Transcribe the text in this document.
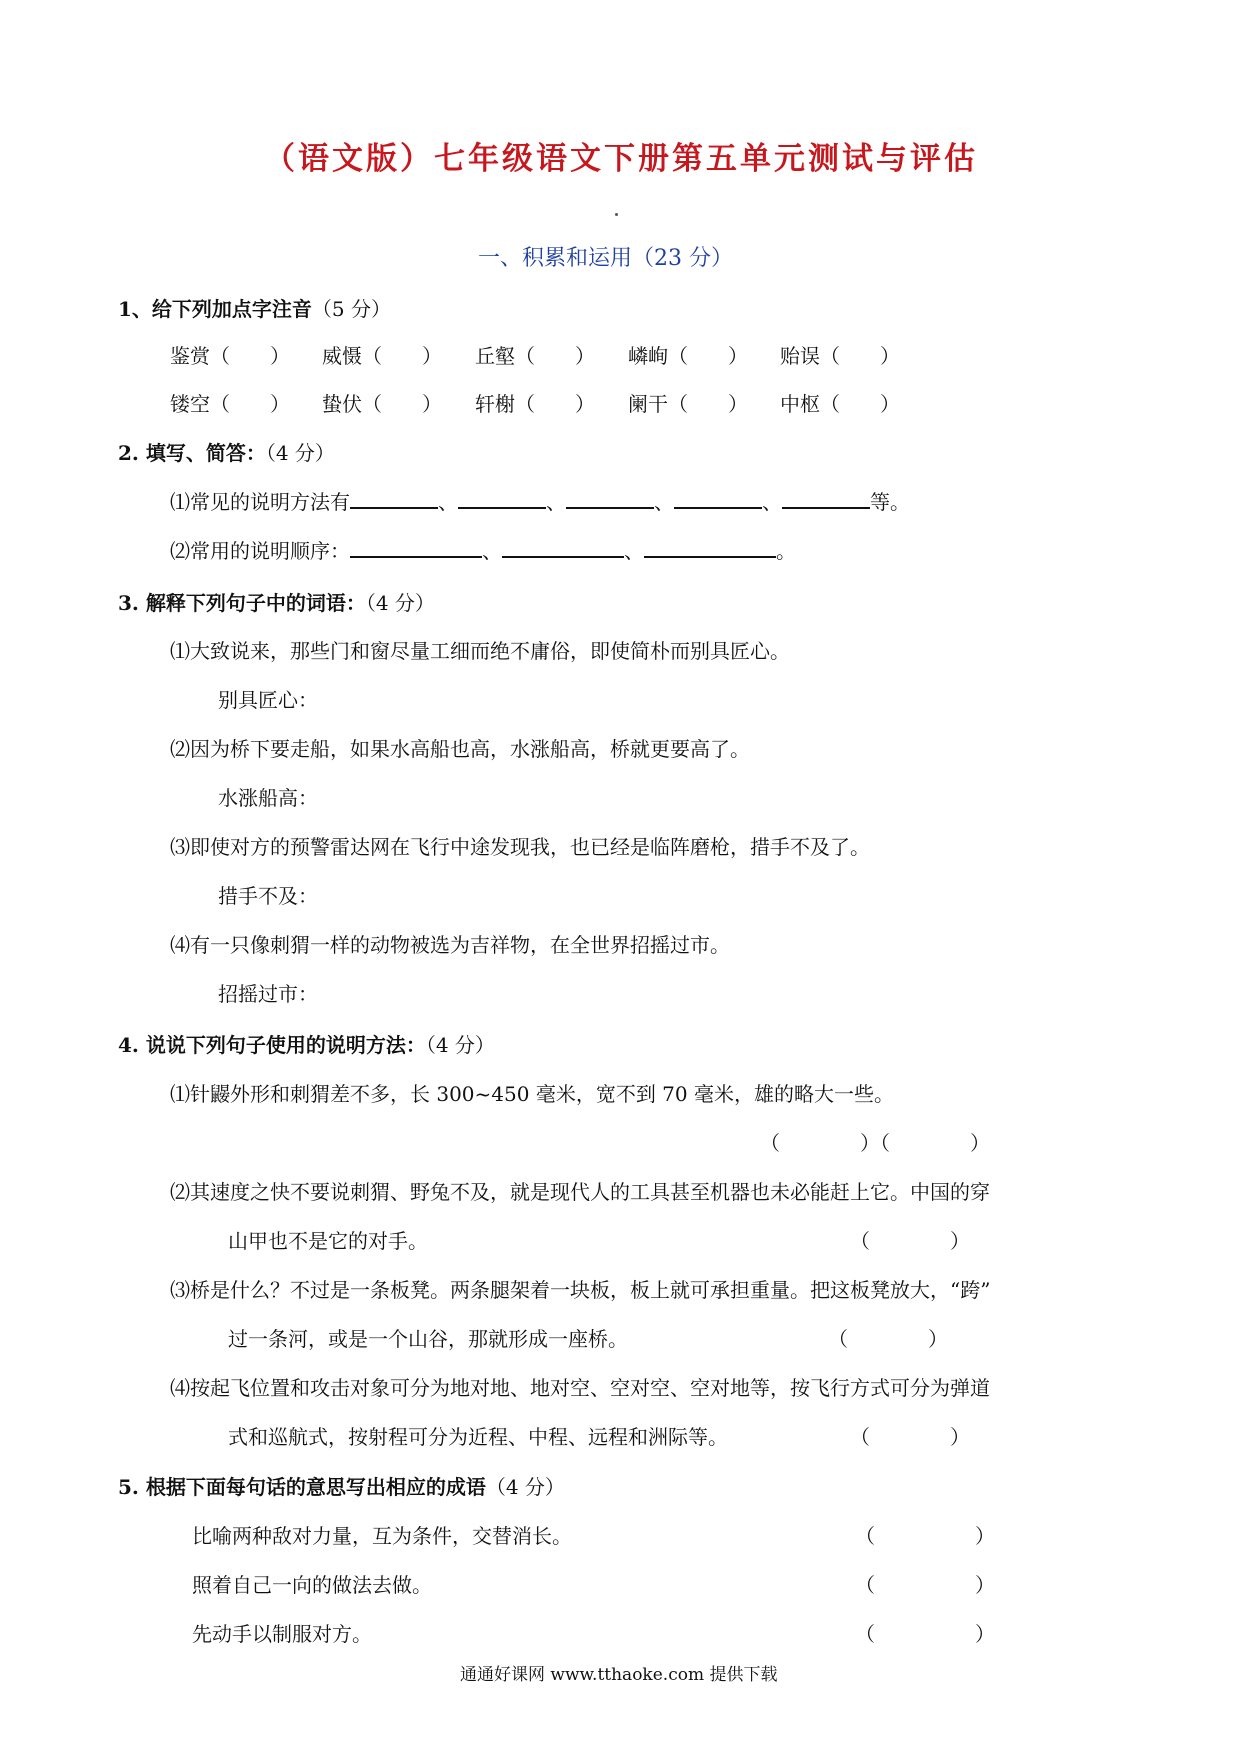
（语文版）七年级语文下册第五单元测试与评估
一、积累和运用（23 分）
1、给下列加点字注音（5 分）
鉴赏（　　） 威慑（　　） 丘壑（　　） 嶙峋（　　） 贻误（　　）
镂空（　　） 蛰伏（　　） 轩榭（　　） 阑干（　　） 中枢（　　）
2. 填写、简答：（4 分）
⑴常见的说明方法有	、	、	、	、	等。
⑵常用的说明顺序：	、	、	。
3. 解释下列句子中的词语：（4 分）
⑴大致说来，那些门和窗尽量工细而绝不庸俗，即使简朴而别具匠心。
别具匠心：
⑵因为桥下要走船，如果水高船也高，水涨船高，桥就更要高了。
水涨船高：
⑶即使对方的预警雷达网在飞行中途发现我，也已经是临阵磨枪，措手不及了。
措手不及：
⑷有一只像刺猬一样的动物被选为吉祥物，在全世界招摇过市。
招摇过市：
4. 说说下列句子使用的说明方法：（4 分）
⑴针鼹外形和刺猬差不多，长 300~450 毫米，宽不到 70 毫米，雄的略大一些。
（　　　　）（　　　　）
⑵其速度之快不要说刺猬、野兔不及，就是现代人的工具甚至机器也未必能赶上它。中国的穿
山甲也不是它的对手。	（　　　　）
⑶桥是什么？不过是一条板凳。两条腿架着一块板，板上就可承担重量。把这板凳放大，“跨”
过一条河，或是一个山谷，那就形成一座桥。	（　　　　）
⑷按起飞位置和攻击对象可分为地对地、地对空、空对空、空对地等，按飞行方式可分为弹道
式和巡航式，按射程可分为近程、中程、远程和洲际等。	（　　　　）
5. 根据下面每句话的意思写出相应的成语（4 分）
比喻两种敌对力量，互为条件，交替消长。	（　　　　　）
照着自己一向的做法去做。	（　　　　　）
先动手以制服对方。	（　　　　　）
通通好课网 www.tthaoke.com 提供下载
